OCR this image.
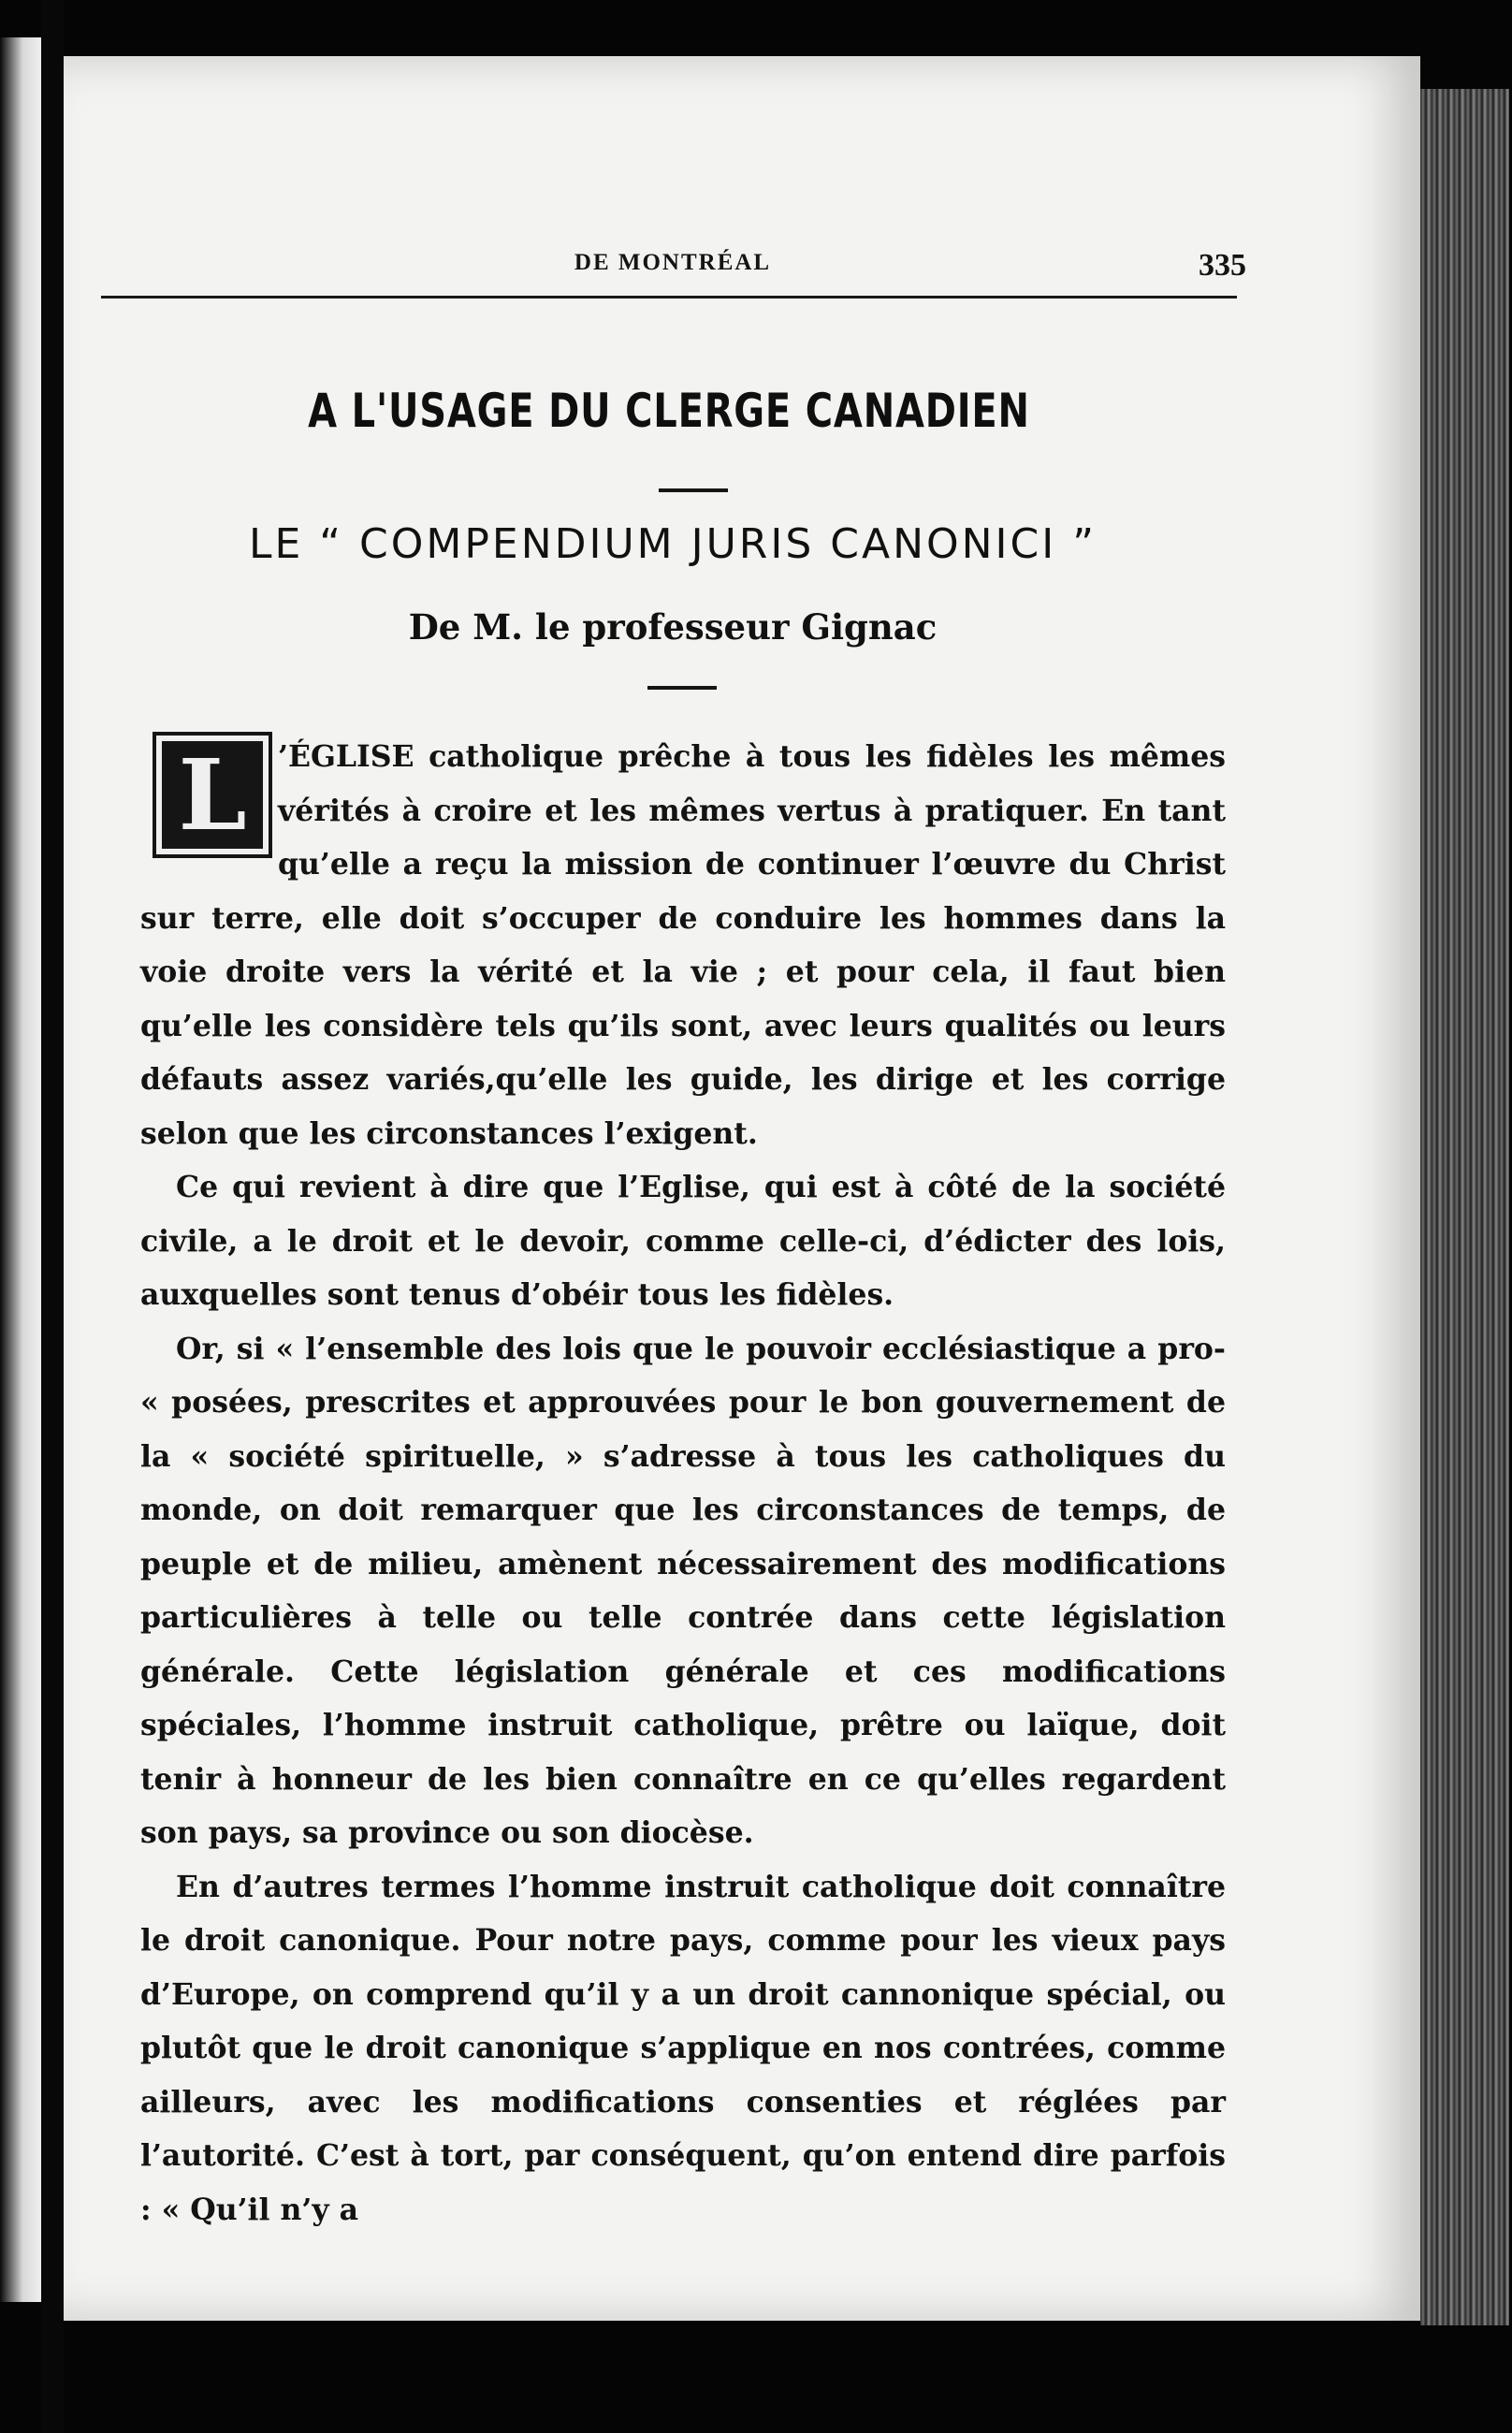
DE MONTRÉAL	335
A L'USAGE DU CLERGE CANADIEN
LE “ COMPENDIUM JURIS CANONICI ”
De M. le professeur Gignac
L	’ÉGLISE catholique prêche à tous les fidèles les mêmes vérités à croire et les mêmes vertus à pratiquer. En tant qu’elle a reçu la mission de continuer l’œuvre du Christ sur terre, elle doit s’occuper de conduire les hommes dans la voie droite vers la vérité et la vie ; et pour cela, il faut bien qu’elle les considère tels qu’ils sont, avec leurs qualités ou leurs défauts assez variés,qu’elle les guide, les dirige et les corrige selon que les circonstances l’exigent.

Ce qui revient à dire que l’Eglise, qui est à côté de la société civile, a le droit et le devoir, comme celle-ci, d’édicter des lois, auxquelles sont tenus d’obéir tous les fidèles.

Or, si « l’ensemble des lois que le pouvoir ecclésiastique a pro- « posées, prescrites et approuvées pour le bon gouvernement de la « société spirituelle, » s’adresse à tous les catholiques du monde, on doit remarquer que les circonstances de temps, de peuple et de milieu, amènent nécessairement des modifications particulières à telle ou telle contrée dans cette législation générale. Cette législation générale et ces modifications spéciales, l’homme instruit catholique, prêtre ou laïque, doit tenir à honneur de les bien connaître en ce qu’elles regardent son pays, sa province ou son diocèse.

En d’autres termes l’homme instruit catholique doit connaître le droit canonique. Pour notre pays, comme pour les vieux pays d’Europe, on comprend qu’il y a un droit cannonique spécial, ou plutôt que le droit canonique s’applique en nos contrées, comme ailleurs, avec les modifications consenties et réglées par l’autorité. C’est à tort, par conséquent, qu’on entend dire parfois : « Qu’il n’y a
